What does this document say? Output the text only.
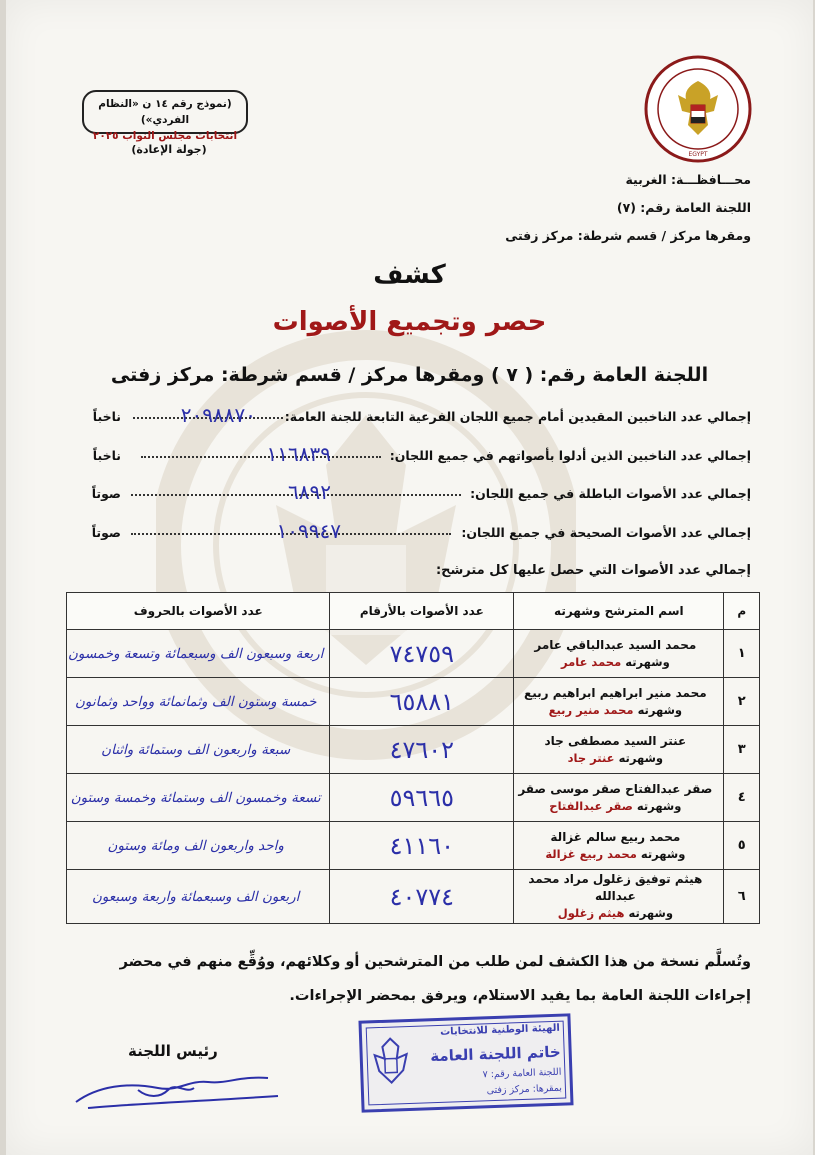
(نموذج رقم ١٤ ن «النظام الفردي»)
انتخابات مجلس النواب ٢٠٢٥
(جولة الإعادة)	EGYPT
محـــافظـــة: الغربية
اللجنة العامة رقم: (٧)
ومقرها مركز / قسم شرطة: مركز زفتى
كشف
حصر وتجميع الأصوات
اللجنة العامة رقم: ( ٧ ) ومقرها مركز / قسم شرطة: مركز زفتى
إجمالي عدد الناخبين المقيدين أمام جميع اللجان الفرعية التابعة للجنة العامة:
٢٠٩٨٨٧٠
ناخباً
إجمالي عدد الناخبين الذين أدلوا بأصواتهم في جميع اللجان:
١١٦٨٣٩
ناخباً
إجمالي عدد الأصوات الباطلة في جميع اللجان:
٦٨٩٢
صوتاً
إجمالي عدد الأصوات الصحيحة في جميع اللجان:
١٠٩٩٤٧
صوتاً
إجمالي عدد الأصوات التي حصل عليها كل مترشح:
م	اسم المترشح وشهرته	عدد الأصوات بالأرقام	عدد الأصوات بالحروف
١	محمد السيد عبدالباقي عامر
وشهرته محمد عامر	٧٤٧٥٩	اربعة وسبعون الف وسبعمائة وتسعة وخمسون
٢	محمد منير ابراهيم ابراهيم ربيع
وشهرته محمد منير ربيع	٦٥٨٨١	خمسة وستون الف وثمانمائة وواحد وثمانون
٣	عنتر السيد مصطفى جاد
وشهرته عنتر جاد	٤٧٦٠٢	سبعة واربعون الف وستمائة واثنان
٤	صقر عبدالفتاح صقر موسى صقر
وشهرته صقر عبدالفتاح	٥٩٦٦٥	تسعة وخمسون الف وستمائة وخمسة وستون
٥	محمد ربيع سالم غزالة
وشهرته محمد ربيع غزالة	٤١١٦٠	واحد واربعون الف ومائة وستون
٦	هيثم توفيق زغلول مراد محمد عبدالله
وشهرته هيثم زغلول	٤٠٧٧٤	اربعون الف وسبعمائة واربعة وسبعون
وتُسلَّم نسخة من هذا الكشف لمن طلب من المترشحين أو وكلائهم، ووُقِّع منهم في محضر
إجراءات اللجنة العامة بما يفيد الاستلام، ويرفق بمحضر الإجراءات.
رئيس اللجنة
الهيئة الوطنية للانتخابات
خاتم اللجنة العامة
اللجنة العامة رقم: ٧
بمقرها: مركز زفتى
